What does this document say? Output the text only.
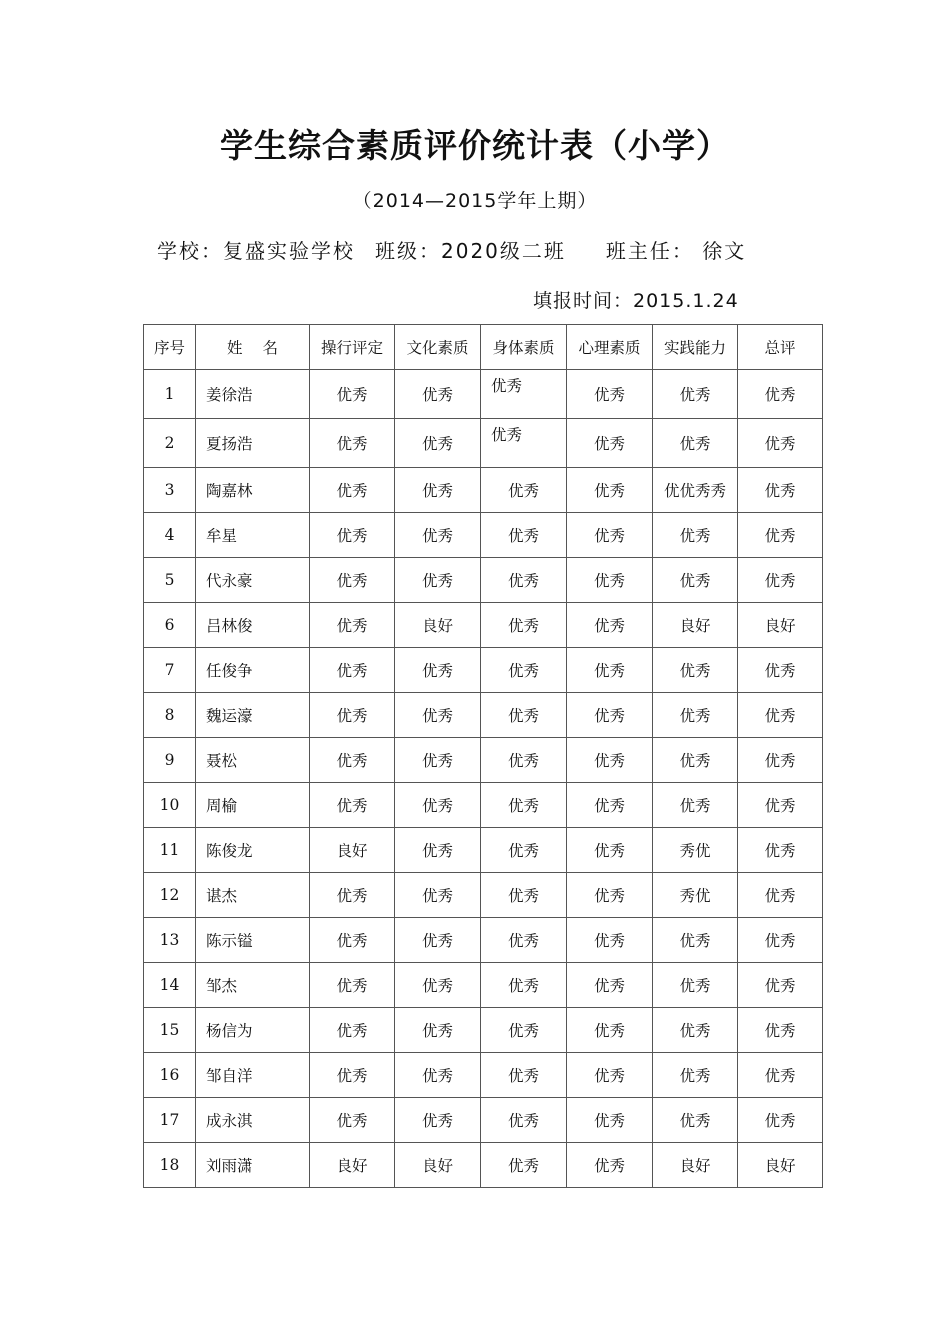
学生综合素质评价统计表（小学）
（2014—2015学年上期）
学校：复盛实验学校 班级：2020级二班 班主任： 徐文
填报时间：2015.1.24
序号	姓名	操行评定	文化素质	身体素质	心理素质	实践能力	总评
1	姜徐浩	优秀	优秀	优秀	优秀	优秀	优秀
2	夏扬浩	优秀	优秀	优秀	优秀	优秀	优秀
3	陶嘉林	优秀	优秀	优秀	优秀	优优秀秀	优秀
4	牟星	优秀	优秀	优秀	优秀	优秀	优秀
5	代永豪	优秀	优秀	优秀	优秀	优秀	优秀
6	吕林俊	优秀	良好	优秀	优秀	良好	良好
7	任俊争	优秀	优秀	优秀	优秀	优秀	优秀
8	魏运濠	优秀	优秀	优秀	优秀	优秀	优秀
9	聂松	优秀	优秀	优秀	优秀	优秀	优秀
10	周榆	优秀	优秀	优秀	优秀	优秀	优秀
11	陈俊龙	良好	优秀	优秀	优秀	秀优	优秀
12	谌杰	优秀	优秀	优秀	优秀	秀优	优秀
13	陈示镒	优秀	优秀	优秀	优秀	优秀	优秀
14	邹杰	优秀	优秀	优秀	优秀	优秀	优秀
15	杨信为	优秀	优秀	优秀	优秀	优秀	优秀
16	邹自洋	优秀	优秀	优秀	优秀	优秀	优秀
17	成永淇	优秀	优秀	优秀	优秀	优秀	优秀
18	刘雨潇	良好	良好	优秀	优秀	良好	良好
